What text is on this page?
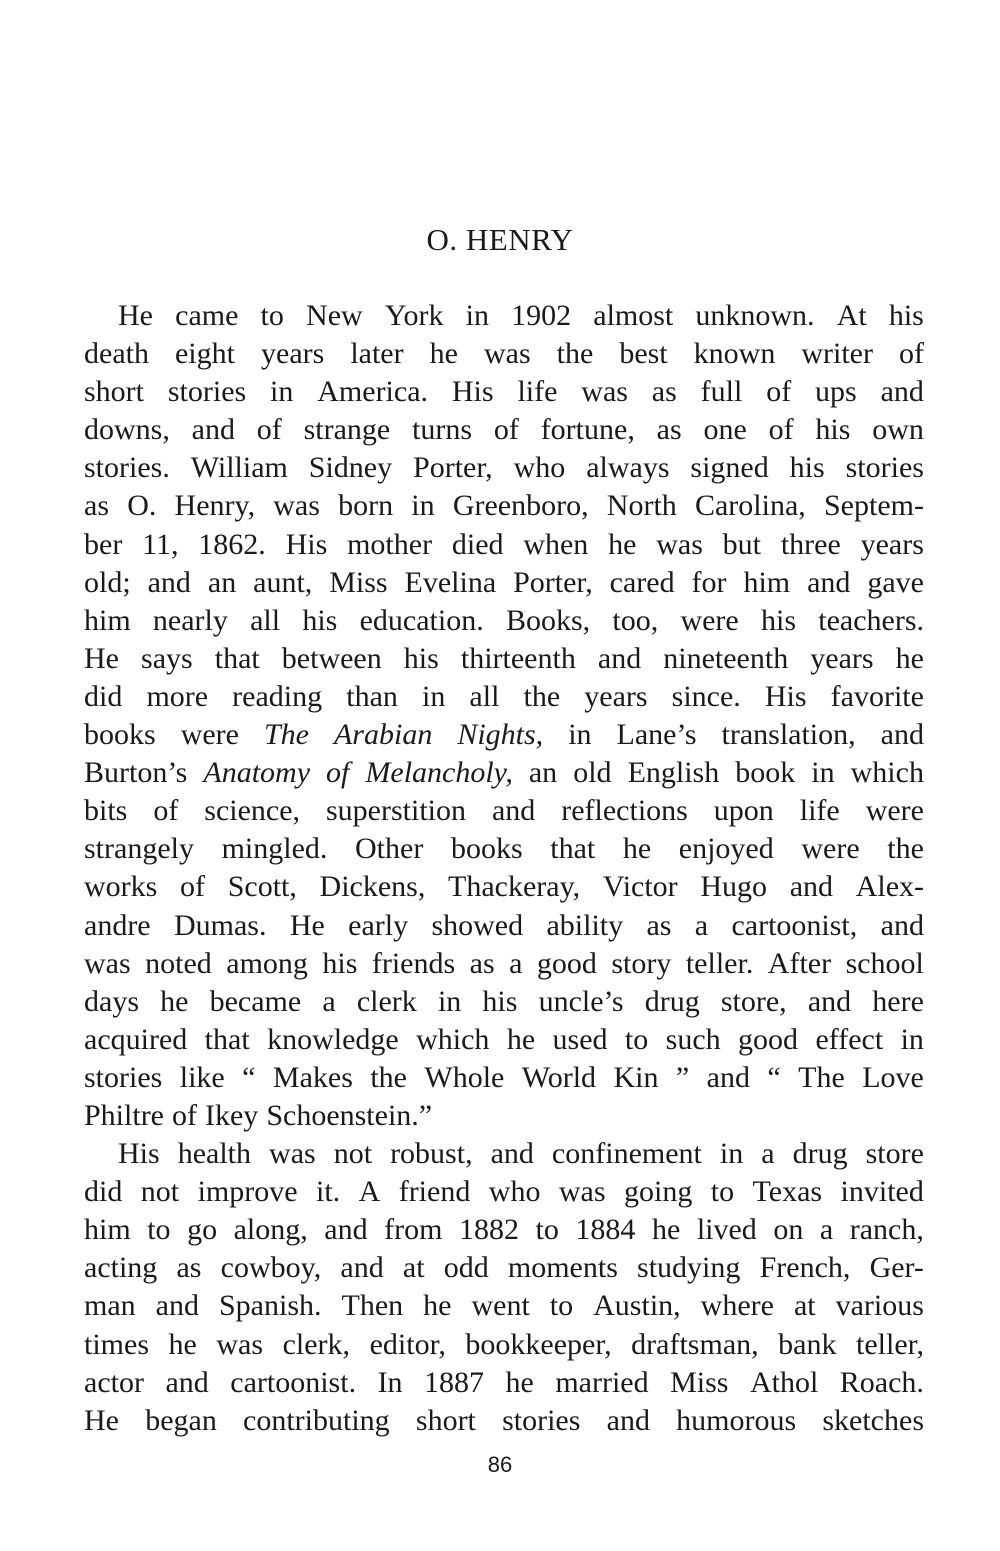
O. HENRY
He came to New York in 1902 almost unknown. At his
death eight years later he was the best known writer of
short stories in America. His life was as full of ups and
downs, and of strange turns of fortune, as one of his own
stories. William Sidney Porter, who always signed his stories
as O. Henry, was born in Greenboro, North Carolina, Septem-
ber 11, 1862. His mother died when he was but three years
old; and an aunt, Miss Evelina Porter, cared for him and gave
him nearly all his education. Books, too, were his teachers.
He says that between his thirteenth and nineteenth years he
did more reading than in all the years since. His favorite
books were The Arabian Nights, in Lane’s translation, and
Burton’s Anatomy of Melancholy, an old English book in which
bits of science, superstition and reflections upon life were
strangely mingled. Other books that he enjoyed were the
works of Scott, Dickens, Thackeray, Victor Hugo and Alex-
andre Dumas. He early showed ability as a cartoonist, and
was noted among his friends as a good story teller. After school
days he became a clerk in his uncle’s drug store, and here
acquired that knowledge which he used to such good effect in
stories like “ Makes the Whole World Kin ” and “ The Love
Philtre of Ikey Schoenstein.”
His health was not robust, and confinement in a drug store
did not improve it. A friend who was going to Texas invited
him to go along, and from 1882 to 1884 he lived on a ranch,
acting as cowboy, and at odd moments studying French, Ger-
man and Spanish. Then he went to Austin, where at various
times he was clerk, editor, bookkeeper, draftsman, bank teller,
actor and cartoonist. In 1887 he married Miss Athol Roach.
He began contributing short stories and humorous sketches
86
